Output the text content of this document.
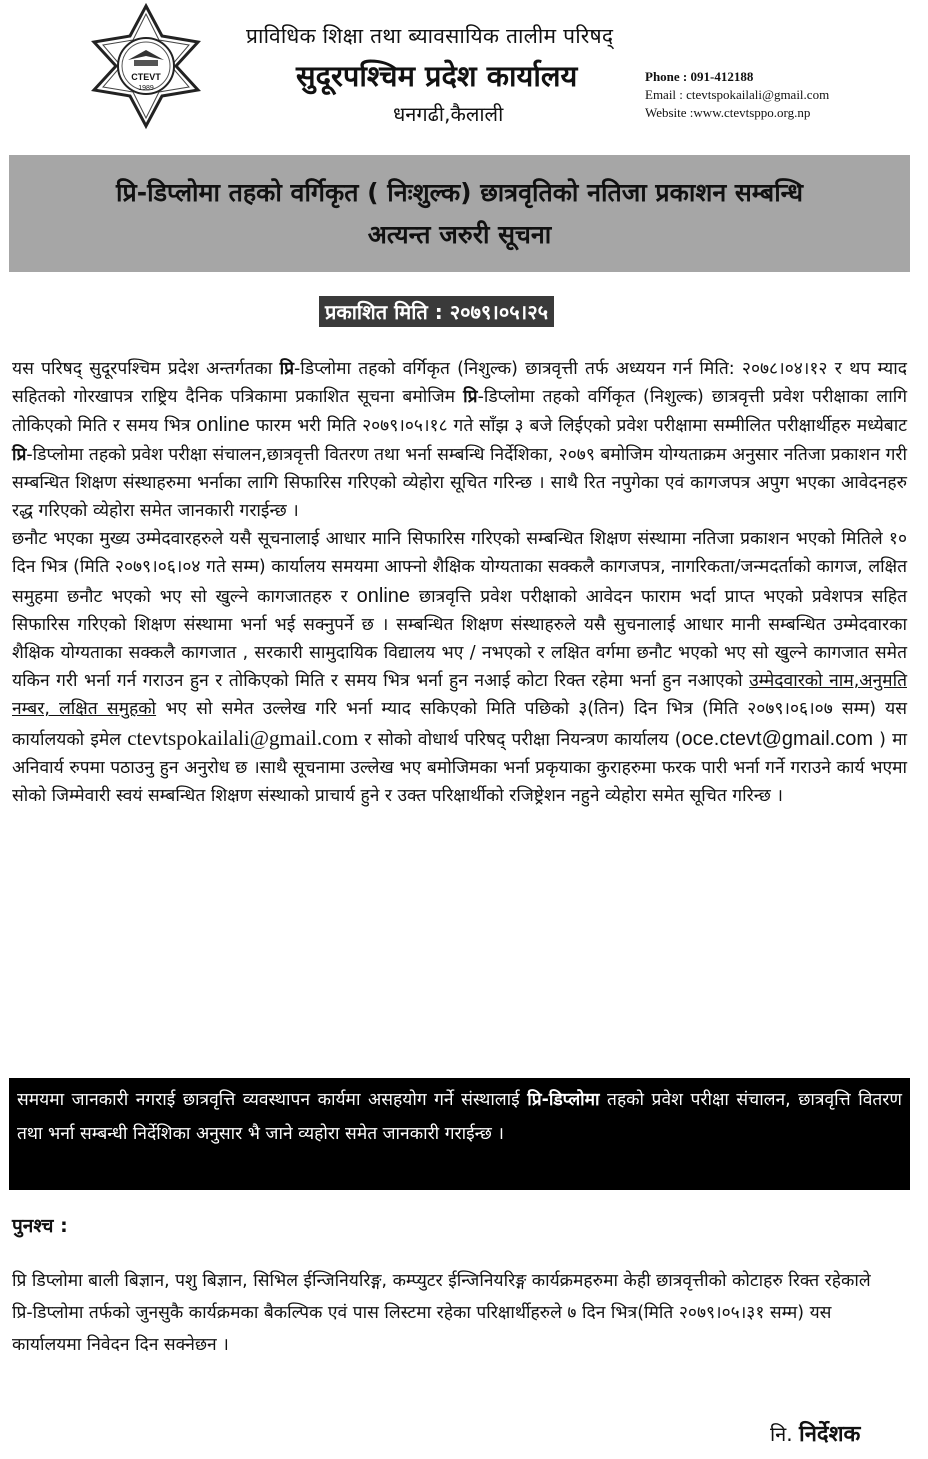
CTEVT
1989
प्राविधिक शिक्षा तथा ब्यावसायिक तालीम परिषद्
सुदूरपश्चिम प्रदेश कार्यालय
धनगढी,कैलाली
Phone : 091-412188
Email : ctevtspokailali@gmail.com
Website :www.ctevtsppo.org.np
प्रि-डिप्लोमा तहको वर्गिकृत ( निःशुल्क) छात्रवृतिको नतिजा प्रकाशन सम्बन्धि
अत्यन्त जरुरी सूचना
प्रकाशित मिति : २०७९।०५।२५

यस परिषद् सुदूरपश्चिम प्रदेश अन्तर्गतका प्रि-डिप्लोमा तहको वर्गिकृत (निशुल्क) छात्रवृत्ती तर्फ अध्ययन गर्न मिति: २०७८।०४।१२ र थप म्याद सहितको गोरखापत्र राष्ट्रिय दैनिक पत्रिकामा प्रकाशित सूचना बमोजिम प्रि-डिप्लोमा तहको वर्गिकृत (निशुल्क) छात्रवृत्ती प्रवेश परीक्षाका लागि तोकिएको मिति र समय भित्र online फारम भरी मिति २०७९।०५।१८ गते साँझ ३ बजे लिईएको प्रवेश परीक्षामा सम्मीलित परीक्षार्थीहरु मध्येबाट प्रि-डिप्लोमा तहको प्रवेश परीक्षा संचालन,छात्रवृत्ती वितरण तथा भर्ना सम्बन्धि निर्देशिका, २०७९ बमोजिम योग्यताक्रम अनुसार नतिजा प्रकाशन गरी सम्बन्धित शिक्षण संस्थाहरुमा भर्नाका लागि सिफारिस गरिएको व्येहोरा सूचित गरिन्छ । साथै रित नपुगेका एवं कागजपत्र अपुग भएका आवेदनहरु रद्ध गरिएको व्येहोरा समेत जानकारी गराईन्छ ।

छनौट भएका मुख्य उम्मेदवारहरुले यसै सूचनालाई आधार मानि सिफारिस गरिएको सम्बन्धित शिक्षण संस्थामा नतिजा प्रकाशन भएको मितिले १० दिन भित्र (मिति २०७९।०६।०४ गते सम्म) कार्यालय समयमा आफ्नो शैक्षिक योग्यताका सक्कलै कागजपत्र, नागरिकता/जन्मदर्ताको कागज, लक्षित समुहमा छनौट भएको भए सो खुल्ने कागजातहरु र online छात्रवृत्ति प्रवेश परीक्षाको आवेदन फाराम भर्दा प्राप्त भएको प्रवेशपत्र सहित सिफारिस गरिएको शिक्षण संस्थामा भर्ना भई सक्नुपर्ने छ । सम्बन्धित शिक्षण संस्थाहरुले यसै सुचनालाई आधार मानी सम्बन्धित उम्मेदवारका शैक्षिक योग्यताका सक्कलै कागजात , सरकारी सामुदायिक विद्यालय भए / नभएको र लक्षित वर्गमा छनौट भएको भए सो खुल्ने कागजात समेत यकिन गरी भर्ना गर्न गराउन हुन र तोकिएको मिति र समय भित्र भर्ना हुन नआई कोटा रिक्त रहेमा भर्ना हुन नआएको उम्मेदवारको नाम,अनुमति नम्बर, लक्षित समुहको भए सो समेत उल्लेख गरि भर्ना म्याद सकिएको मिति पछिको ३(तिन) दिन भित्र (मिति २०७९।०६।०७ सम्म) यस कार्यालयको इमेल ctevtspokailali@gmail.com र सोको वोधार्थ परिषद् परीक्षा नियन्त्रण कार्यालय (oce.ctevt@gmail.com ) मा अनिवार्य रुपमा पठाउनु हुन अनुरोध छ ।साथै सूचनामा उल्लेख भए बमोजिमका भर्ना प्रकृयाका कुराहरुमा फरक पारी भर्ना गर्ने गराउने कार्य भएमा सोको जिम्मेवारी स्वयं सम्बन्धित शिक्षण संस्थाको प्राचार्य हुने र उक्त परिक्षार्थीको रजिष्ट्रेशन नहुने व्येहोरा समेत सूचित गरिन्छ ।

समयमा जानकारी नगराई छात्रवृत्ति व्यवस्थापन कार्यमा असहयोग गर्ने संस्थालाई प्रि-डिप्लोमा तहको प्रवेश परीक्षा संचालन, छात्रवृत्ति वितरण तथा भर्ना सम्बन्धी निर्देशिका अनुसार भै जाने व्यहोरा समेत जानकारी गराईन्छ ।
पुनश्च :
प्रि डिप्लोमा बाली बिज्ञान, पशु बिज्ञान, सिभिल ईन्जिनियरिङ्ग, कम्प्युटर ईन्जिनियरिङ्ग कार्यक्रमहरुमा केही छात्रवृत्तीको कोटाहरु रिक्त रहेकाले प्रि-डिप्लोमा तर्फको जुनसुकै कार्यक्रमका बैकल्पिक एवं पास लिस्टमा रहेका परिक्षार्थीहरुले ७ दिन भित्र(मिति २०७९।०५।३१ सम्म) यस कार्यालयमा निवेदन दिन सक्नेछन ।
नि. निर्देशक
